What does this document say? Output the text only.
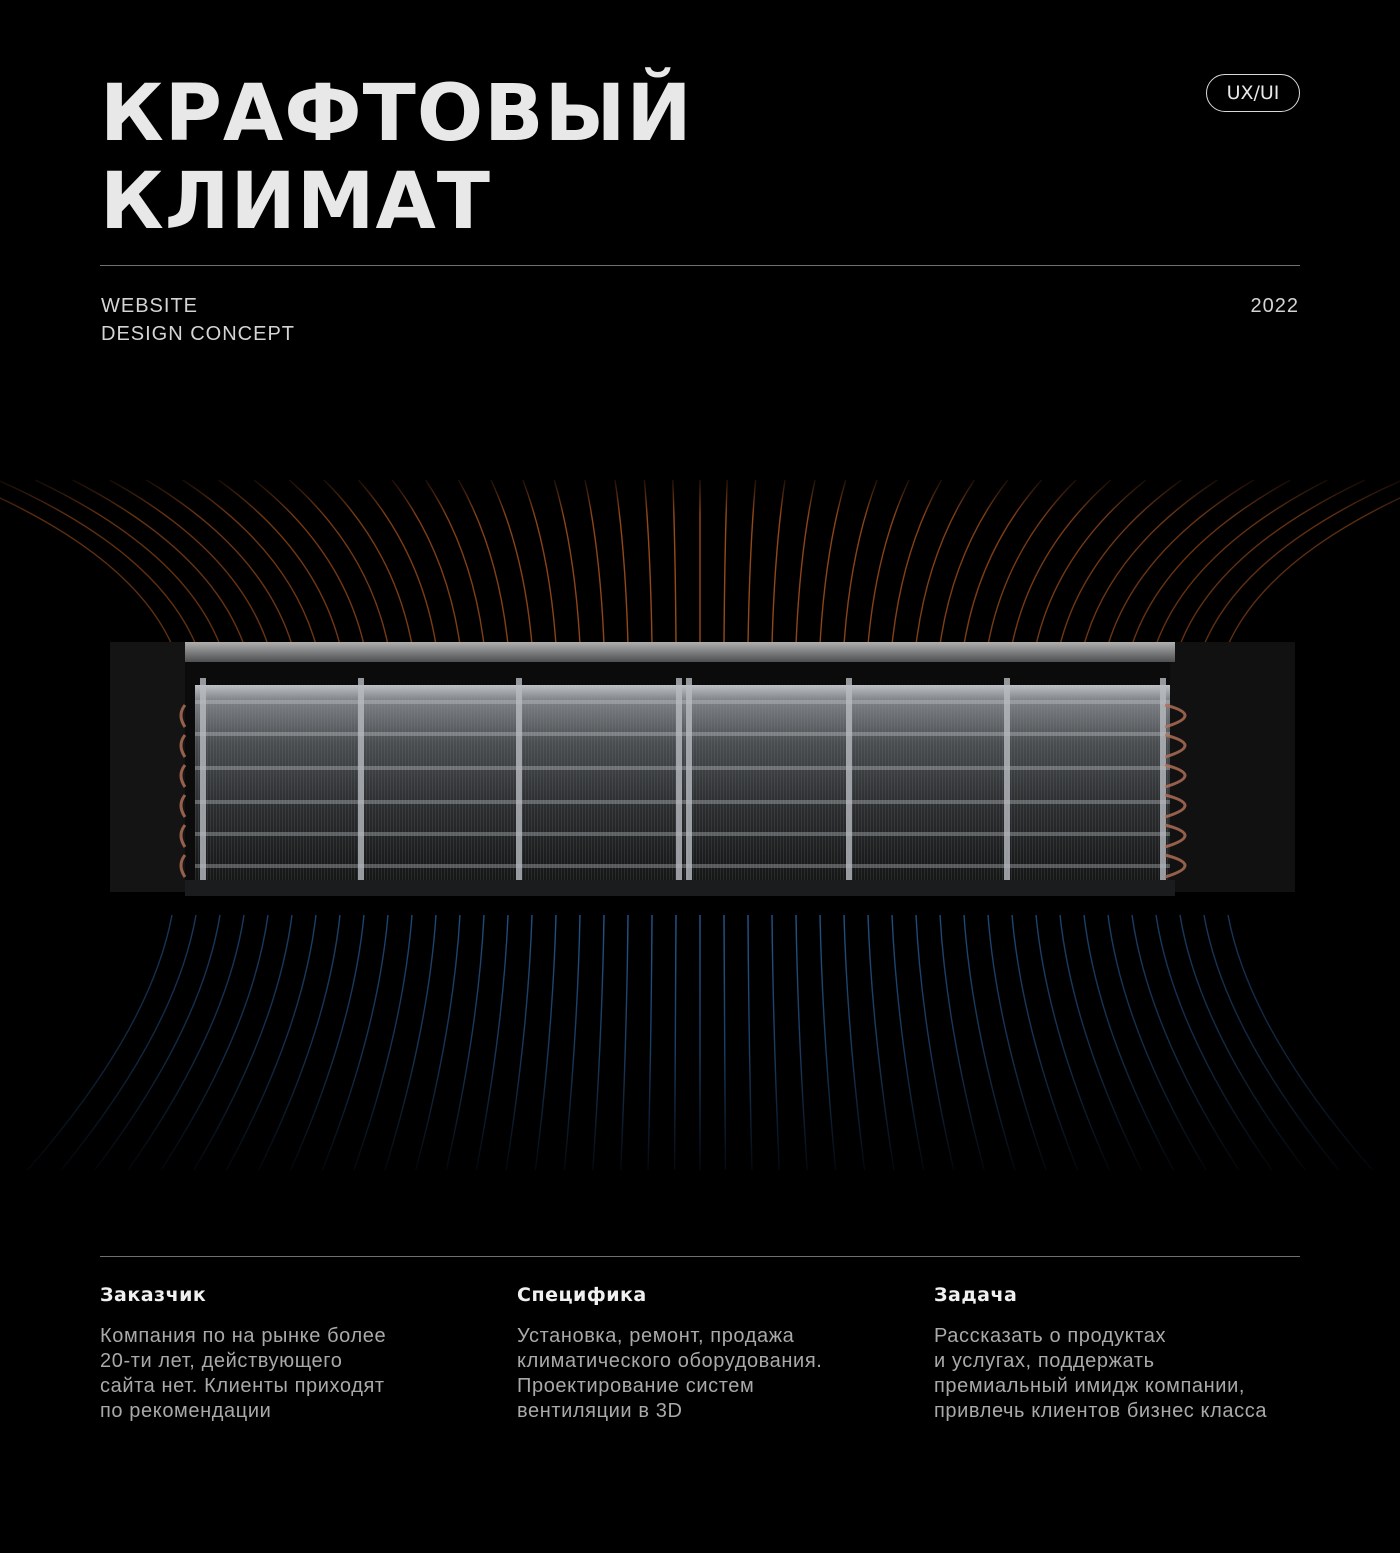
КРАФТОВЫЙ
КЛИМАТ
UX/UI
WEBSITE
DESIGN CONCEPT
2022
Заказчик

Компания по на рынке более
20-ти лет, действующего
сайта нет. Клиенты приходят
по рекомендации

Специфика

Установка, ремонт, продажа
климатического оборудования.
Проектирование систем
вентиляции в 3D

Задача

Рассказать о продуктах
и услугах, поддержать
премиальный имидж компании,
привлечь клиентов бизнес класса
